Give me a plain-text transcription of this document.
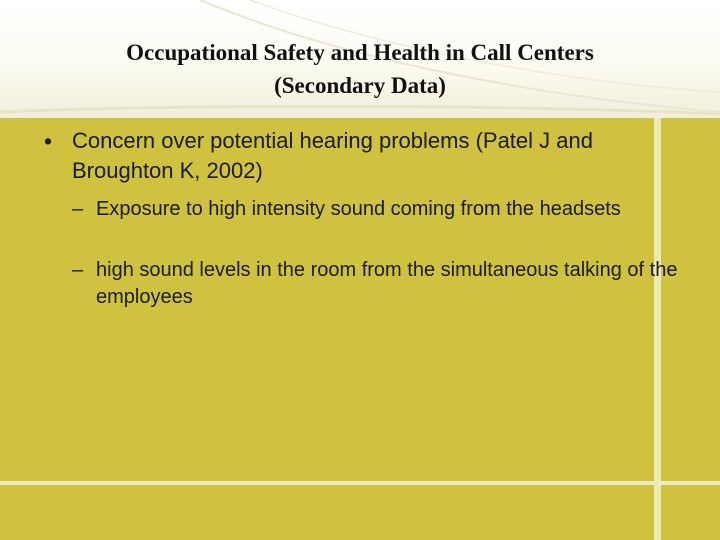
Occupational Safety and Health in Call Centers
(Secondary Data)
• Concern over potential hearing problems (Patel J and Broughton K, 2002)
– Exposure to high intensity sound coming from the headsets
– high sound levels in the room from the simultaneous talking of the employees
